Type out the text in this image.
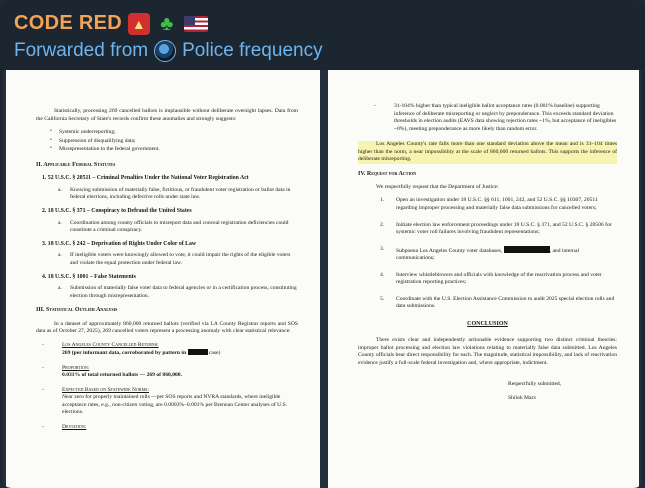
CODE RED ▲ ♣
Forwarded from Police frequency

Statistically, processing 269 cancelled ballots is implausible without deliberate oversight lapses. Data from the California Secretary of State's records confirm these anomalies and strongly suggests:

• Systemic underreporting;
• Suppression of disqualifying data;
• Misrepresentation to the federal government.
II. Applicable Federal Statutes
1. 52 U.S.C. § 20511 – Criminal Penalties Under the National Voter Registration Act
a. Knowing submission of materially false, fictitious, or fraudulent voter registration or ballot data in federal elections, including defective rolls under state law.
2. 18 U.S.C. § 371 – Conspiracy to Defraud the United States
a. Coordination among county officials to misreport data and conceal registration deficiencies could constitute a criminal conspiracy.
3. 18 U.S.C. § 242 – Deprivation of Rights Under Color of Law
a. If ineligible voters were knowingly allowed to vote, it could impair the rights of the eligible voters and violate the equal protection under federal law.
4. 18 U.S.C. § 1001 – False Statements
a. Submission of materially false voter data to federal agencies or in a certification process, constituting election through misrepresentation.
III. Statistical Outlier Analysis

In a dataset of approximately 860,000 returned ballots (verified via LA County Registrar reports and SOS data as of October 27, 2025), 269 cancelled voters represent a processing anomaly with clear statistical relevance:

-	Los Angeles County Cancelled Returns:
269 (per informant data, corroborated by pattern in	case)
-	Proportion:
0.031% of total returned ballots — 269 of 860,000.
-	Expected Based on Statewide Norms:
Near zero for properly maintained rolls —per SOS reports and NVRA standards, where ineligible acceptance rates, e.g., non-citizen voting, are 0.0003%–0.001% per Brennan Center analyses of U.S. elections.
-	Deviation:
-	31-104% higher than typical ineligible ballot acceptance rates (0.001% baseline) supporting inference of deliberate misreporting or neglect by preponderance. This exceeds standard deviation thresholds in election audits (EAVS data showing rejection rates ~1%, but acceptance of ineligibles ~0%), meeting preponderance as more likely than random error.

Los Angeles County's rate falls more than one standard deviation above the mean and is 31–104 times higher than the norm, a near impossibility at the scale of 860,000 returned ballots. This supports the inference of deliberate misreporting.

IV. Request for Action

We respectfully request that the Department of Justice:

1. Open an investigation under 18 U.S.C. §§ 611, 1001, 242, and 52 U.S.C. §§ 10307, 20511 regarding improper processing and materially false data submissions for cancelled voters;
2. Initiate election law enforcement proceedings under 18 U.S.C. § 371, and 52 U.S.C. § 20506 for systemic voter roll failures involving fraudulent representations;
3. Subpoena Los Angeles County voter databases,	, and internal communications;
4. Interview whistleblowers and officials with knowledge of the reactivation process and voter registration reporting practices;
5. Coordinate with the U.S. Election Assistance Commission to audit 2025 special election rolls and data submissions.
CONCLUSION

There exists clear and independently actionable evidence supporting two distinct criminal theories: improper ballot processing and election law violations relating to materially false data submitted. Los Angeles County officials bear direct responsibility for each. The magnitude, statistical impossibility, and lack of reactivation evidence justify a full-scale federal investigation and, where appropriate, indictment.

Respectfully submitted,

Shiloh Marx
